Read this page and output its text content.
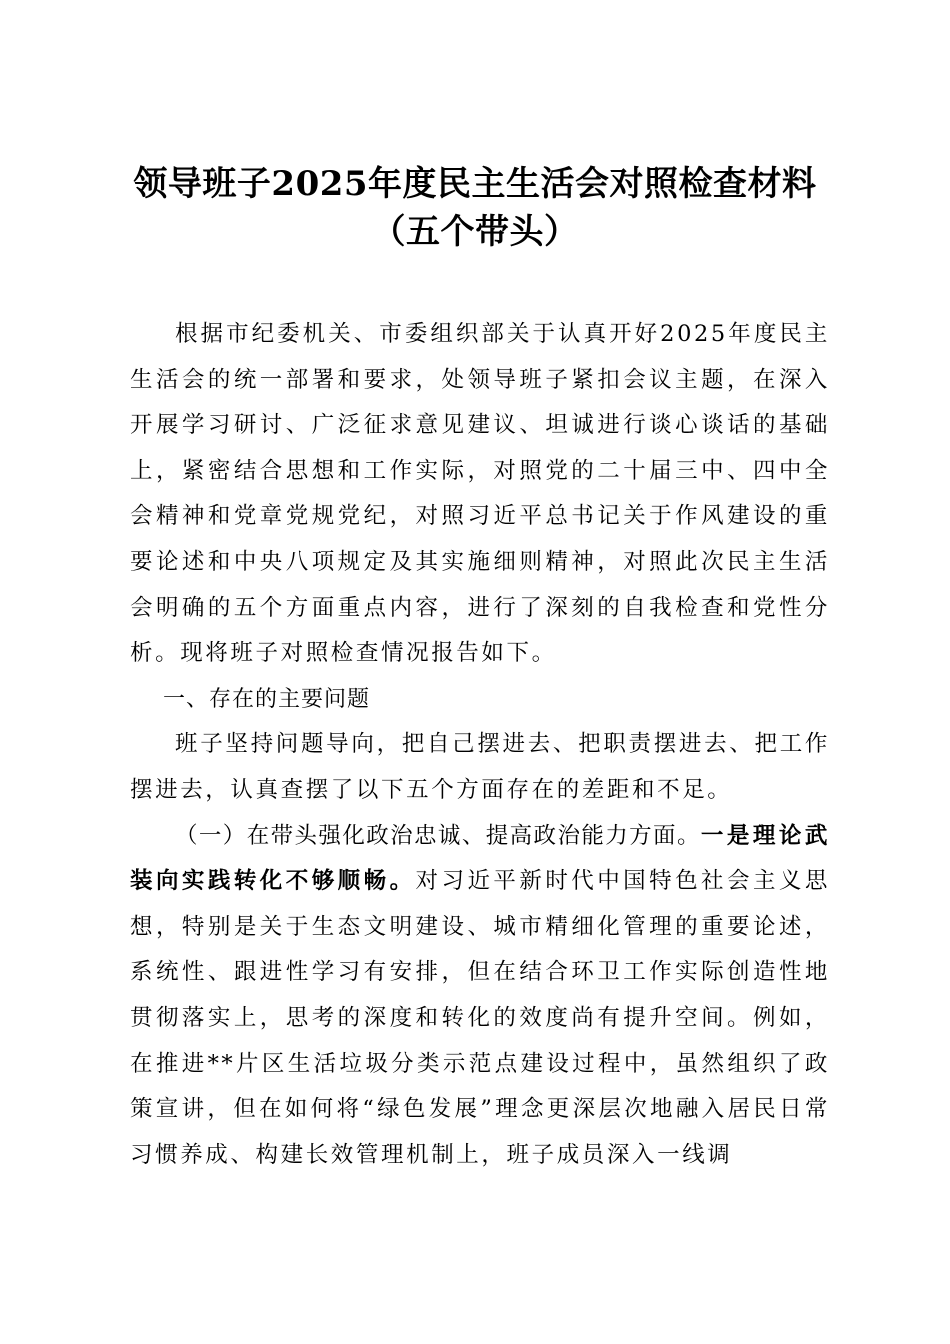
领导班子2025年度民主生活会对照检查材料
（五个带头）

根据市纪委机关、市委组织部关于认真开好2025年度民主生活会的统一部署和要求，处领导班子紧扣会议主题，在深入开展学习研讨、广泛征求意见建议、坦诚进行谈心谈话的基础上，紧密结合思想和工作实际，对照党的二十届三中、四中全会精神和党章党规党纪，对照习近平总书记关于作风建设的重要论述和中央八项规定及其实施细则精神，对照此次民主生活会明确的五个方面重点内容，进行了深刻的自我检查和党性分析。现将班子对照检查情况报告如下。

一、存在的主要问题

班子坚持问题导向，把自己摆进去、把职责摆进去、把工作摆进去，认真查摆了以下五个方面存在的差距和不足。

（一）在带头强化政治忠诚、提高政治能力方面。一是理论武装向实践转化不够顺畅。对习近平新时代中国特色社会主义思想，特别是关于生态文明建设、城市精细化管理的重要论述，系统性、跟进性学习有安排，但在结合环卫工作实际创造性地贯彻落实上，思考的深度和转化的效度尚有提升空间。例如，在推进**片区生活垃圾分类示范点建设过程中，虽然组织了政策宣讲，但在如何将“绿色发展”理念更深层次地融入居民日常习惯养成、构建长效管理机制上，班子成员深入一线调
